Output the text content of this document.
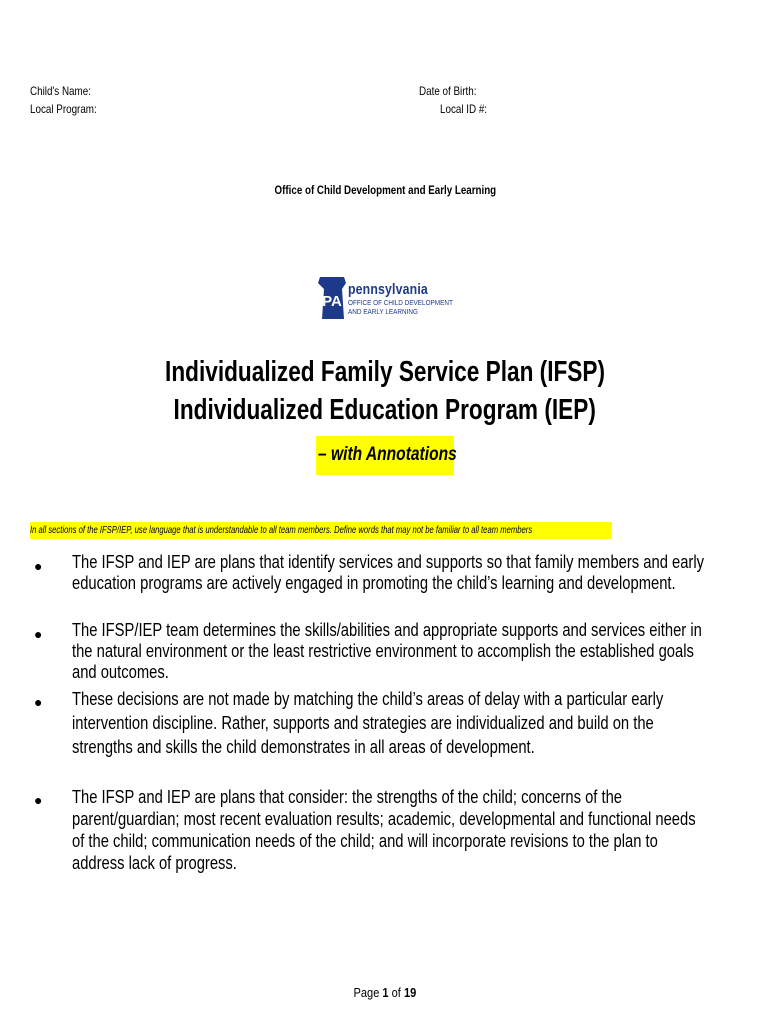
Child's Name:
Local Program:
Date of Birth:
Local ID #:
Office of Child Development and Early Learning
PA
pennsylvania
OFFICE OF CHILD DEVELOPMENT
AND EARLY LEARNING
Individualized Family Service Plan (IFSP)
Individualized Education Program (IEP)
– with Annotations
In all sections of the IFSP/IEP, use language that is understandable to all team members. Define words that may not be familiar to all team members
● The IFSP and IEP are plans that identify services and supports so that family members and early education programs are actively engaged in promoting the child’s learning and development.
● The IFSP/IEP team determines the skills/abilities and appropriate supports and services either in the natural environment or the least restrictive environment to accomplish the established goals and outcomes.
● These decisions are not made by matching the child’s areas of delay with a particular early intervention discipline. Rather, supports and strategies are individualized and build on the strengths and skills the child demonstrates in all areas of development.
● The IFSP and IEP are plans that consider: the strengths of the child; concerns of the parent/guardian; most recent evaluation results; academic, developmental and functional needs of the child; communication needs of the child; and will incorporate revisions to the plan to address lack of progress.
Page 1 of 19
